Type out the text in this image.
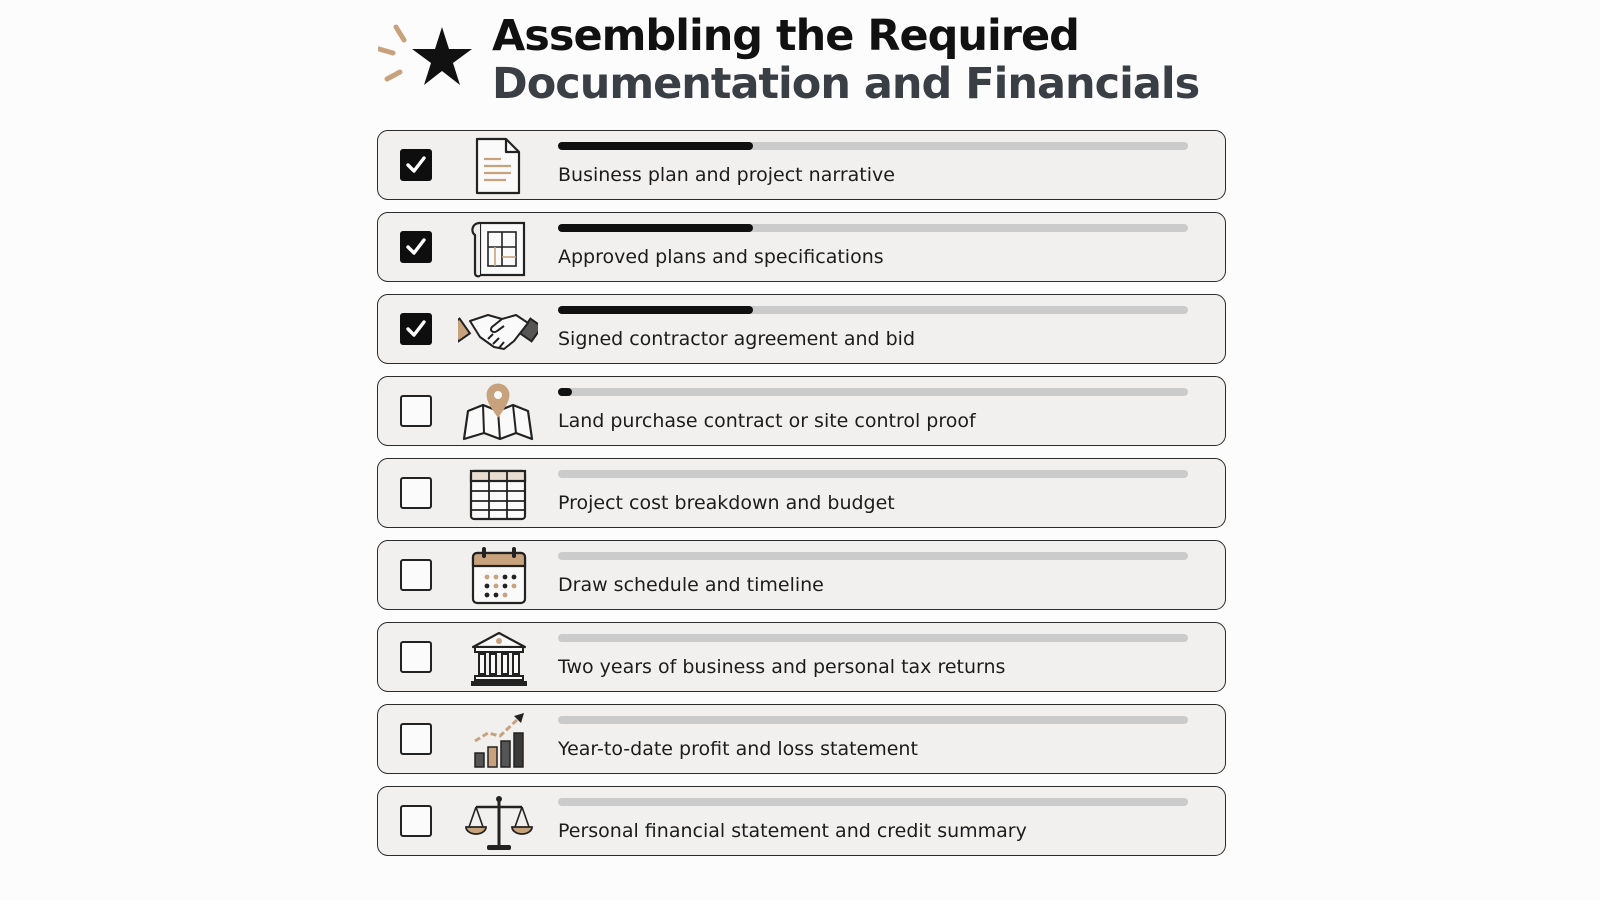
Assembling the Required
Documentation and Financials
Business plan and project narrative
Approved plans and specifications
Signed contractor agreement and bid
Land purchase contract or site control proof
Project cost breakdown and budget
Draw schedule and timeline
Two years of business and personal tax returns
Year-to-date profit and loss statement
Personal financial statement and credit summary
